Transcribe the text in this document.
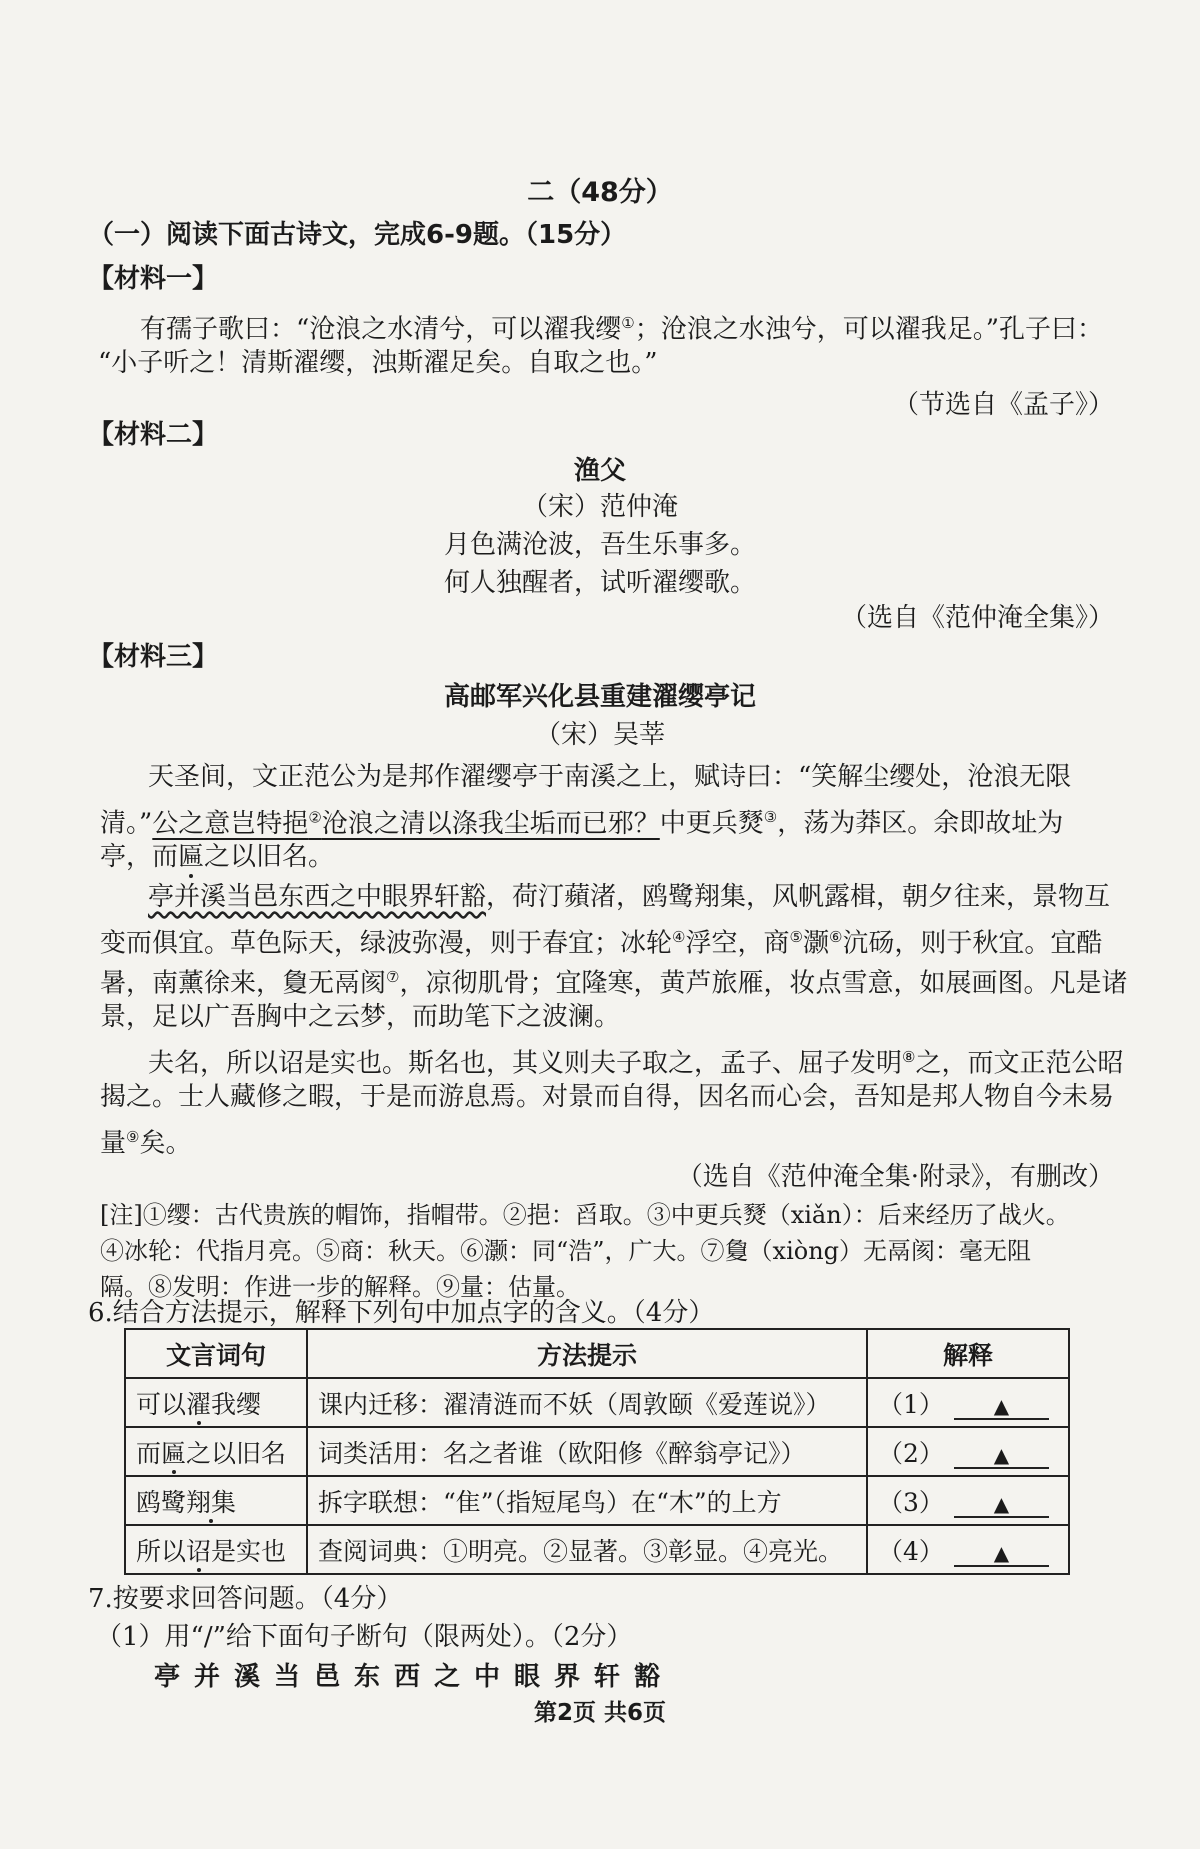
二（48分）
（一）阅读下面古诗文，完成6-9题。（15分）
【材料一】
有孺子歌曰：“沧浪之水清兮，可以濯我缨①；沧浪之水浊兮，可以濯我足。”孔子曰：
“小子听之！清斯濯缨，浊斯濯足矣。自取之也。”
（节选自《孟子》）
【材料二】
渔父
（宋）范仲淹
月色满沧波，吾生乐事多。
何人独醒者，试听濯缨歌。
（选自《范仲淹全集》）
【材料三】
高邮军兴化县重建濯缨亭记
（宋）吴莘
天圣间，文正范公为是邦作濯缨亭于南溪之上，赋诗曰：“笑解尘缨处，沧浪无限
清。”公之意岂特挹②沧浪之清以涤我尘垢而已邪？中更兵燹③，荡为莽区。余即故址为
亭，而匾之以旧名。
亭并溪当邑东西之中眼界轩豁，荷汀蘋渚，鸥鹭翔集，风帆露楫，朝夕往来，景物互
变而俱宜。草色际天，绿波弥漫，则于春宜；冰轮④浮空，商⑤灏⑥沆砀，则于秋宜。宜酷
暑，南薰徐来，敻无鬲阂⑦，凉彻肌骨；宜隆寒，黄芦旅雁，妆点雪意，如展画图。凡是诸
景，足以广吾胸中之云梦，而助笔下之波澜。
夫名，所以诏是实也。斯名也，其义则夫子取之，孟子、屈子发明⑧之，而文正范公昭
揭之。士人藏修之暇，于是而游息焉。对景而自得，因名而心会，吾知是邦人物自今未易
量⑨矣。
（选自《范仲淹全集·附录》，有删改）
[注]①缨：古代贵族的帽饰，指帽带。②挹：舀取。③中更兵燹（xiǎn）：后来经历了战火。
④冰轮：代指月亮。⑤商：秋天。⑥灏：同“浩”，广大。⑦敻（xiòng）无鬲阂：毫无阻
隔。⑧发明：作进一步的解释。⑨量：估量。
6.结合方法提示，解释下列句中加点字的含义。（4分）
文言词句	方法提示	解释
可以濯我缨	课内迁移：濯清涟而不妖（周敦颐《爱莲说》）	（1） ▲
而匾之以旧名	词类活用：名之者谁（欧阳修《醉翁亭记》）	（2） ▲
鸥鹭翔集	拆字联想：“隹”（指短尾鸟）在“木”的上方	（3） ▲
所以诏是实也	查阅词典：①明亮。②显著。③彰显。④亮光。	（4） ▲
7.按要求回答问题。（4分）
（1）用“/”给下面句子断句（限两处）。（2分）
亭并溪当邑东西之中眼界轩豁
第2页 共6页
